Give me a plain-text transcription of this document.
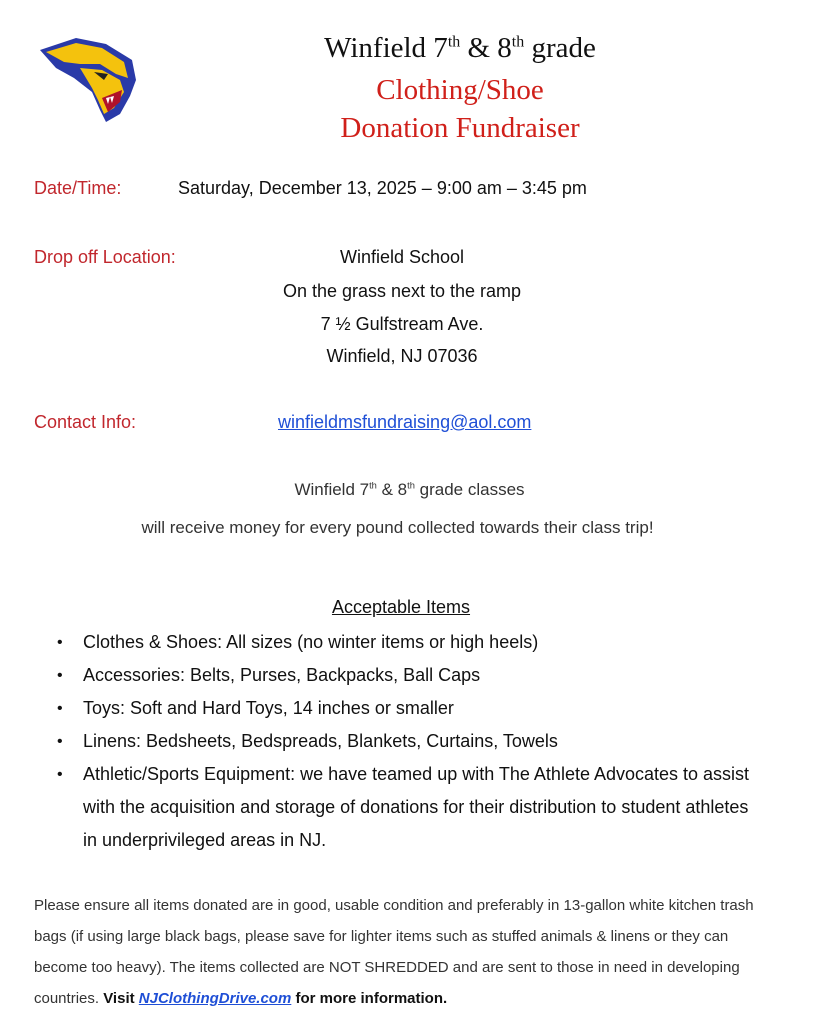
Winfield 7th & 8th grade
Clothing/Shoe
Donation Fundraiser
Date/Time:	Saturday, December 13, 2025 – 9:00 am – 3:45 pm
Drop off Location:	Winfield School
On the grass next to the ramp
7 ½ Gulfstream Ave.
Winfield, NJ 07036
Contact Info:	winfieldmsfundraising@aol.com
Winfield 7th & 8th grade classes
will receive money for every pound collected towards their class trip!
Acceptable Items
• Clothes & Shoes: All sizes (no winter items or high heels)
• Accessories: Belts, Purses, Backpacks, Ball Caps
• Toys: Soft and Hard Toys, 14 inches or smaller
• Linens: Bedsheets, Bedspreads, Blankets, Curtains, Towels
• Athletic/Sports Equipment: we have teamed up with The Athlete Advocates to assist with the acquisition and storage of donations for their distribution to student athletes in underprivileged areas in NJ.
Please ensure all items donated are in good, usable condition and preferably in 13-gallon white kitchen trash bags (if using large black bags, please save for lighter items such as stuffed animals & linens or they can become too heavy). The items collected are NOT SHREDDED and are sent to those in need in developing countries. Visit NJClothingDrive.com for more information.
